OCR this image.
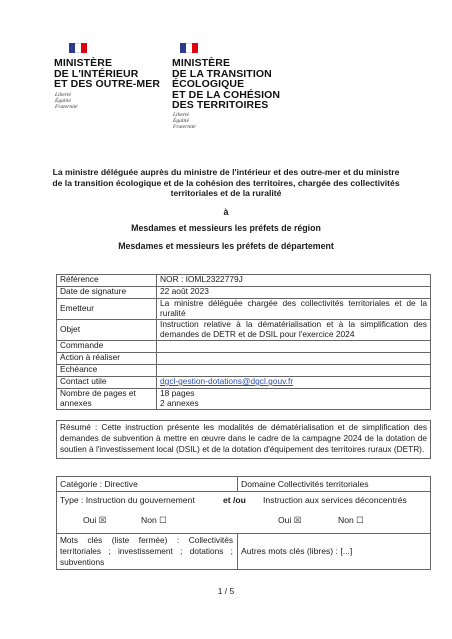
MINISTÈRE
DE L'INTÉRIEUR
ET DES OUTRE-MER
Liberté
Égalité
Fraternité
MINISTÈRE
DE LA TRANSITION
ÉCOLOGIQUE
ET DE LA COHÉSION
DES TERRITOIRES
Liberté
Égalité
Fraternité
La ministre déléguée auprès du ministre de l'intérieur et des outre-mer et du ministre
de la transition écologique et de la cohésion des territoires, chargée des collectivités
territoriales et de la ruralité
à
Mesdames et messieurs les préfets de région
Mesdames et messieurs les préfets de département
Référence	NOR : IOML2322779J
Date de signature	22 août 2023
Emetteur	La ministre déléguée chargée des collectivités territoriales et de la ruralité
Objet	Instruction relative à la dématérialisation et à la simplification des demandes de DETR et de DSIL pour l'exercice 2024
Commande	
Action à réaliser	
Echéance	
Contact utile	dgcl-gestion-dotations@dgcl.gouv.fr
Nombre de pages et annexes	18 pages
2 annexes
Résumé : Cette instruction présente les modalités de dématérialisation et de simplification des demandes de subvention à mettre en œuvre dans le cadre de la campagne 2024 de la dotation de soutien à l'investissement local (DSIL) et de la dotation d'équipement des territoires ruraux (DETR).
Catégorie : Directive	Domaine Collectivités territoriales
Type : Instruction du gouvernement	et /ou Instruction aux services déconcentrés
Oui ☒	Non ☐	Oui ☒	Non ☐
Mots clés (liste fermée) : Collectivités territoriales ; investissement ; dotations ; subventions
Autres mots clés (libres) : [...]
1 / 5
